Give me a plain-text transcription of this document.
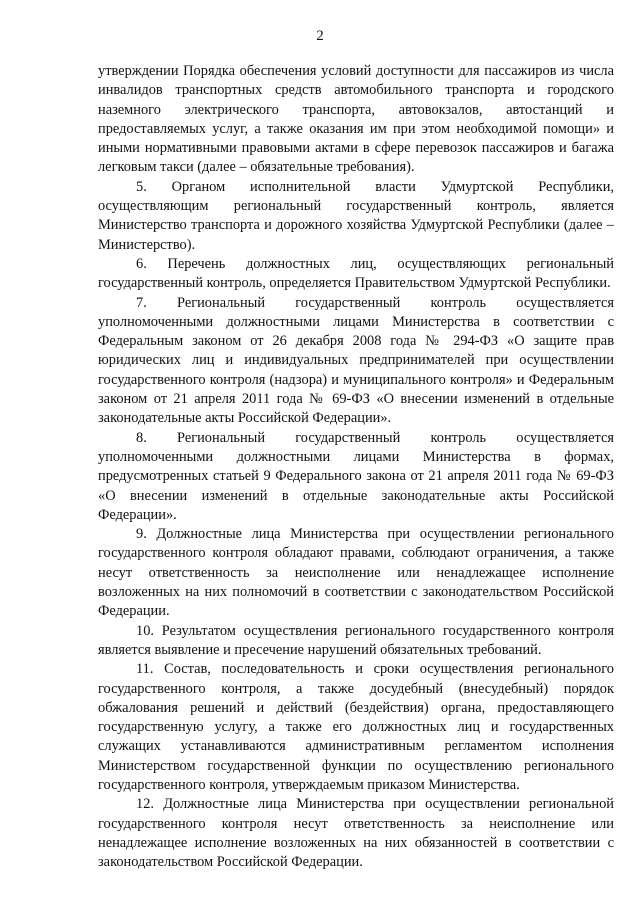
2

утверждении Порядка обеспечения условий доступности для пассажиров из числа инвалидов транспортных средств автомобильного транспорта и городского наземного электрического транспорта, автовокзалов, автостанций и предоставляемых услуг, а также оказания им при этом необходимой помощи» и иными нормативными правовыми актами в сфере перевозок пассажиров и багажа легковым такси (далее – обязательные требования).

5. Органом исполнительной власти Удмуртской Республики, осуществляющим региональный государственный контроль, является Министерство транспорта и дорожного хозяйства Удмуртской Республики (далее – Министерство).

6. Перечень должностных лиц, осуществляющих региональный государственный контроль, определяется Правительством Удмуртской Республики.

7. Региональный государственный контроль осуществляется уполномоченными должностными лицами Министерства в соответствии с Федеральным законом от 26 декабря 2008 года № 294-ФЗ «О защите прав юридических лиц и индивидуальных предпринимателей при осуществлении государственного контроля (надзора) и муниципального контроля» и Федеральным законом от 21 апреля 2011 года № 69-ФЗ «О внесении изменений в отдельные законодательные акты Российской Федерации».

8. Региональный государственный контроль осуществляется уполномоченными должностными лицами Министерства в формах, предусмотренных статьей 9 Федерального закона от 21 апреля 2011 года № 69-ФЗ «О внесении изменений в отдельные законодательные акты Российской Федерации».

9. Должностные лица Министерства при осуществлении регионального государственного контроля обладают правами, соблюдают ограничения, а также несут ответственность за неисполнение или ненадлежащее исполнение возложенных на них полномочий в соответствии с законодательством Российской Федерации.

10. Результатом осуществления регионального государственного контроля является выявление и пресечение нарушений обязательных требований.

11. Состав, последовательность и сроки осуществления регионального государственного контроля, а также досудебный (внесудебный) порядок обжалования решений и действий (бездействия) органа, предоставляющего государственную услугу, а также его должностных лиц и государственных служащих устанавливаются административным регламентом исполнения Министерством государственной функции по осуществлению регионального государственного контроля, утверждаемым приказом Министерства.

12. Должностные лица Министерства при осуществлении региональной государственного контроля несут ответственность за неисполнение или ненадлежащее исполнение возложенных на них обязанностей в соответствии с законодательством Российской Федерации.
